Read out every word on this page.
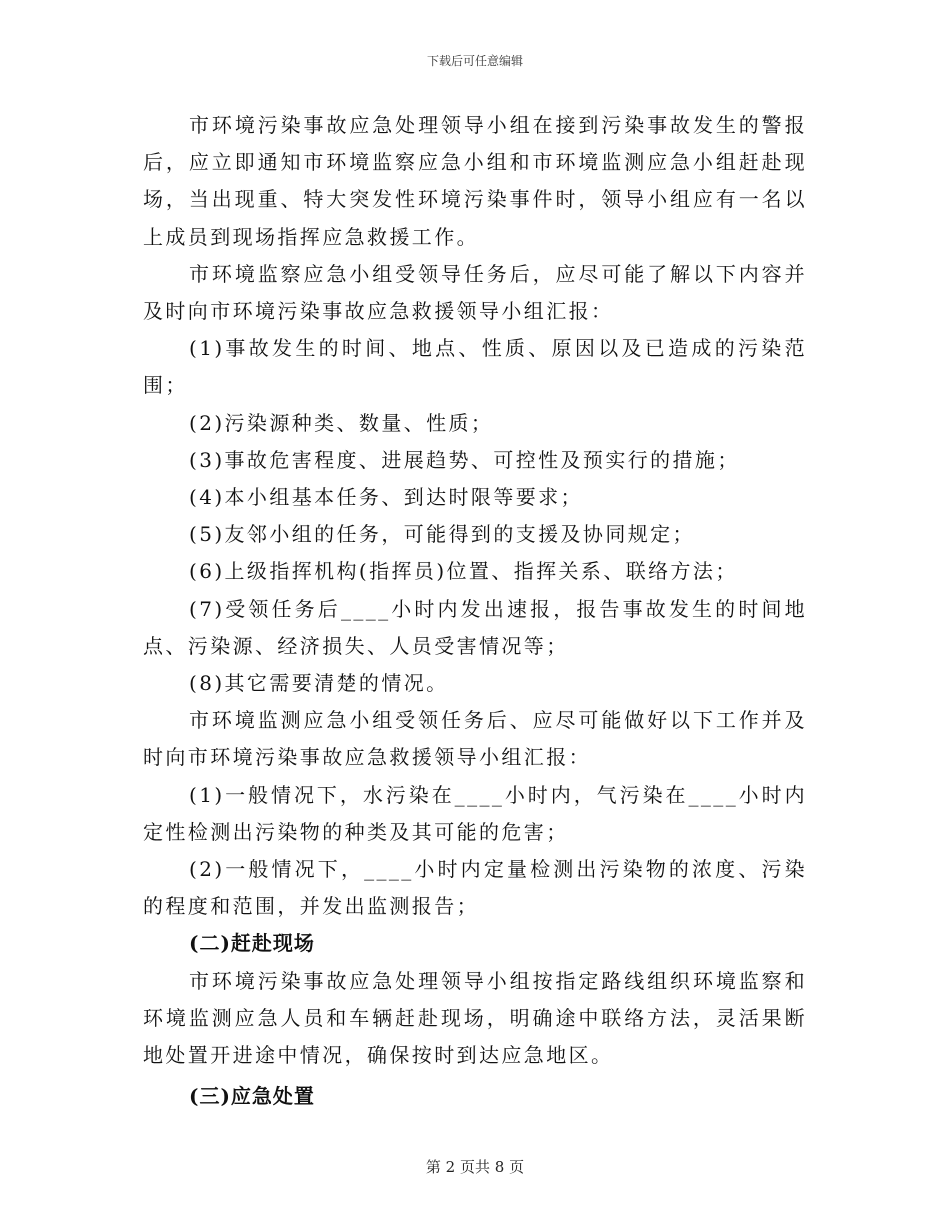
下载后可任意编辑

市环境污染事故应急处理领导小组在接到污染事故发生的警报后，应立即通知市环境监察应急小组和市环境监测应急小组赶赴现场，当出现重、特大突发性环境污染事件时，领导小组应有一名以上成员到现场指挥应急救援工作。

市环境监察应急小组受领导任务后，应尽可能了解以下内容并及时向市环境污染事故应急救援领导小组汇报：

(1)事故发生的时间、地点、性质、原因以及已造成的污染范围；

(2)污染源种类、数量、性质；

(3)事故危害程度、进展趋势、可控性及预实行的措施；

(4)本小组基本任务、到达时限等要求；

(5)友邻小组的任务，可能得到的支援及协同规定；

(6)上级指挥机构(指挥员)位置、指挥关系、联络方法；

(7)受领任务后____小时内发出速报，报告事故发生的时间地点、污染源、经济损失、人员受害情况等；

(8)其它需要清楚的情况。

市环境监测应急小组受领任务后、应尽可能做好以下工作并及时向市环境污染事故应急救援领导小组汇报：

(1)一般情况下，水污染在____小时内，气污染在____小时内定性检测出污染物的种类及其可能的危害；

(2)一般情况下，____小时内定量检测出污染物的浓度、污染的程度和范围，并发出监测报告；

(二)赶赴现场

市环境污染事故应急处理领导小组按指定路线组织环境监察和环境监测应急人员和车辆赶赴现场，明确途中联络方法，灵活果断地处置开进途中情况，确保按时到达应急地区。

(三)应急处置

第 2 页共 8 页
